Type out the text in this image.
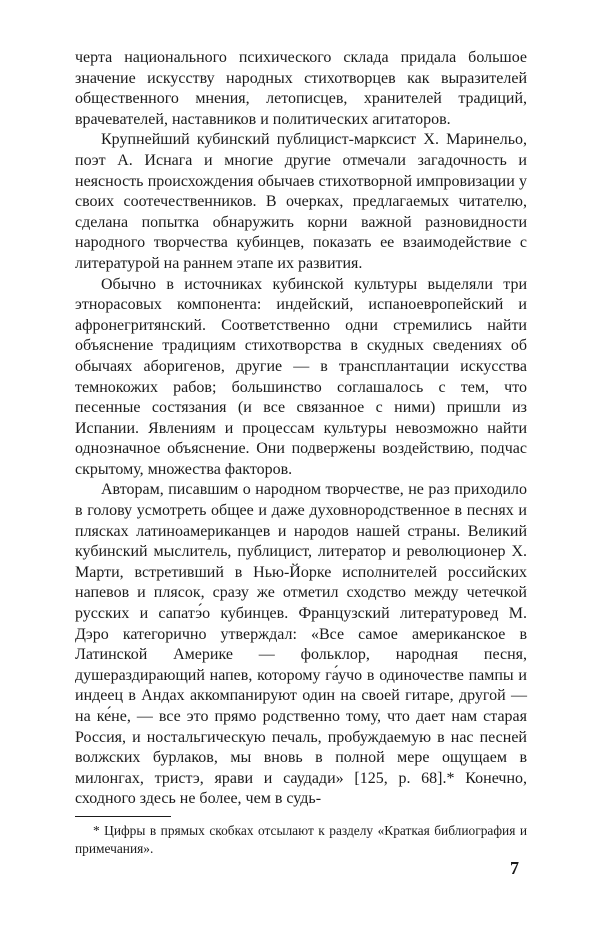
черта национального психического склада придала большое значение искусству народных стихотворцев как выразителей общественного мнения, летописцев, хранителей традиций, врачевателей, наставников и политических агитаторов.

Крупнейший кубинский публицист-марксист Х. Маринельо, поэт А. Иснага и многие другие отмечали загадочность и неясность происхождения обычаев стихотворной импровизации у своих соотечественников. В очерках, предлагаемых читателю, сделана попытка обнаружить корни важной разновидности народного творчества кубинцев, показать ее взаимодействие с литературой на раннем этапе их развития.

Обычно в источниках кубинской культуры выделяли три этнорасовых компонента: индейский, испаноевропейский и афронегритянский. Соответственно одни стремились найти объяснение традициям стихотворства в скудных сведениях об обычаях аборигенов, другие — в трансплантации искусства темнокожих рабов; большинство соглашалось с тем, что песенные состязания (и все связанное с ними) пришли из Испании. Явлениям и процессам культуры невозможно найти однозначное объяснение. Они подвержены воздействию, подчас скрытому, множества факторов.

Авторам, писавшим о народном творчестве, не раз приходило в голову усмотреть общее и даже духовнородственное в песнях и плясках латиноамериканцев и народов нашей страны. Великий кубинский мыслитель, публицист, литератор и революционер Х. Марти, встретивший в Нью-Йорке исполнителей российских напевов и плясок, сразу же отметил сходство между четечкой русских и сапатэ́о кубинцев. Французский литературовед М. Дэро категорично утверждал: «Все самое американское в Латинской Америке — фольклор, народная песня, душераздирающий напев, которому га́учо в одиночестве пампы и индеец в Андах аккомпанируют один на своей гитаре, другой — на ке́не, — все это прямо родственно тому, что дает нам старая Россия, и ностальгическую печаль, пробуждаемую в нас песней волжских бурлаков, мы вновь в полной мере ощущаем в милонгах, тристэ, ярави и саудади» [125, р. 68].* Конечно, сходного здесь не более, чем в судь-

* Цифры в прямых скобках отсылают к разделу «Краткая библиография и примечания».

7
